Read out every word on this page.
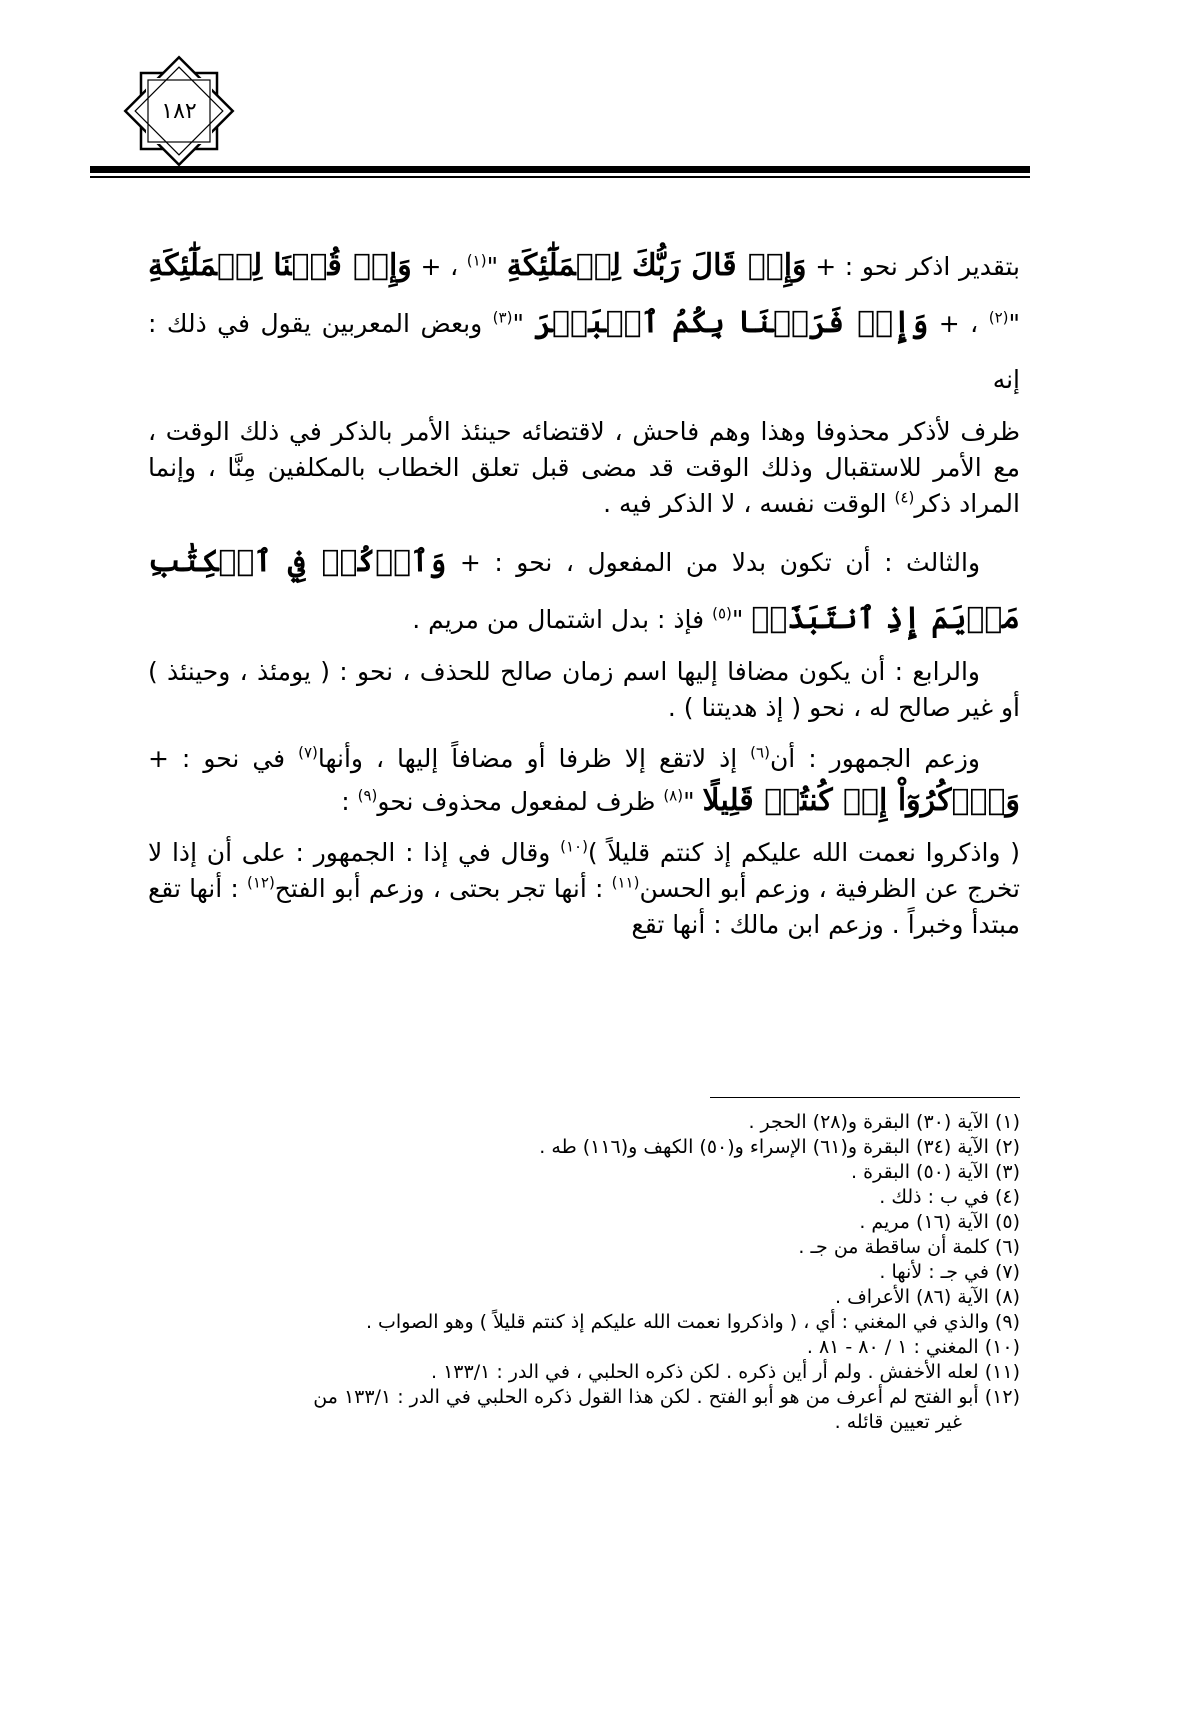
١٨٢

بتقدير اذكر نحو : + وَإِذۡ قَالَ رَبُّكَ لِلۡمَلَٰٓئِكَةِ "$^{(١)}$ ، + وَإِذۡ قُلۡنَا لِلۡمَلَٰٓئِكَةِ "$^{(٢)}$ ، + وَإِذۡ فَرَقۡنَا بِكُمُ ٱلۡبَحۡرَ "$^{(٣)}$ وبعض المعربين يقول في ذلك : إنه

ظرف لأذكر محذوفا وهذا وهم فاحش ، لاقتضائه حينئذ الأمر بالذكر في ذلك الوقت ، مع الأمر للاستقبال وذلك الوقت قد مضى قبل تعلق الخطاب بالمكلفين مِنَّا ، وإنما المراد ذكر$^{(٤)}$ الوقت نفسه ، لا الذكر فيه .

والثالث : أن تكون بدلا من المفعول ، نحو : + وَٱذۡكُرۡ فِي ٱلۡكِتَٰبِ مَرۡيَمَ إِذِ ٱنتَبَذَتۡ "$^{(٥)}$ فإذ : بدل اشتمال من مريم .

والرابع : أن يكون مضافا إليها اسم زمان صالح للحذف ، نحو : ( يومئذ ، وحينئذ ) أو غير صالح له ، نحو ( إذ هديتنا ) .

وزعم الجمهور : أن$^{(٦)}$ إذ لاتقع إلا ظرفا أو مضافاً إليها ، وأنها$^{(٧)}$ في نحو : + وَٱذۡكُرُوٓاْ إِذۡ كُنتُمۡ قَلِيلًا "$^{(٨)}$ ظرف لمفعول محذوف نحو$^{(٩)}$ :

( واذكروا نعمت الله عليكم إذ كنتم قليلاً )$^{(١٠)}$ وقال في إذا : الجمهور : على أن إذا لا تخرج عن الظرفية ، وزعم أبو الحسن$^{(١١)}$ : أنها تجر بحتى ، وزعم أبو الفتح$^{(١٢)}$ : أنها تقع مبتدأ وخبراً . وزعم ابن مالك : أنها تقع

(١) الآية (٣٠) البقرة و(٢٨) الحجر .

(٢) الآية (٣٤) البقرة و(٦١) الإسراء و(٥٠) الكهف و(١١٦) طه .

(٣) الآية (٥٠) البقرة .

(٤) في ب : ذلك .

(٥) الآية (١٦) مريم .

(٦) كلمة أن ساقطة من جـ .

(٧) في جـ : لأنها .

(٨) الآية (٨٦) الأعراف .

(٩) والذي في المغني : أي ، ( واذكروا نعمت الله عليكم إذ كنتم قليلاً ) وهو الصواب .

(١٠) المغني : ١ / ٨٠ - ٨١ .

(١١) لعله الأخفش . ولم أر أين ذكره . لكن ذكره الحلبي ، في الدر : ١٣٣/١ .

(١٢) أبو الفتح لم أعرف من هو أبو الفتح . لكن هذا القول ذكره الحلبي في الدر : ١٣٣/١ من

غير تعيين قائله .
